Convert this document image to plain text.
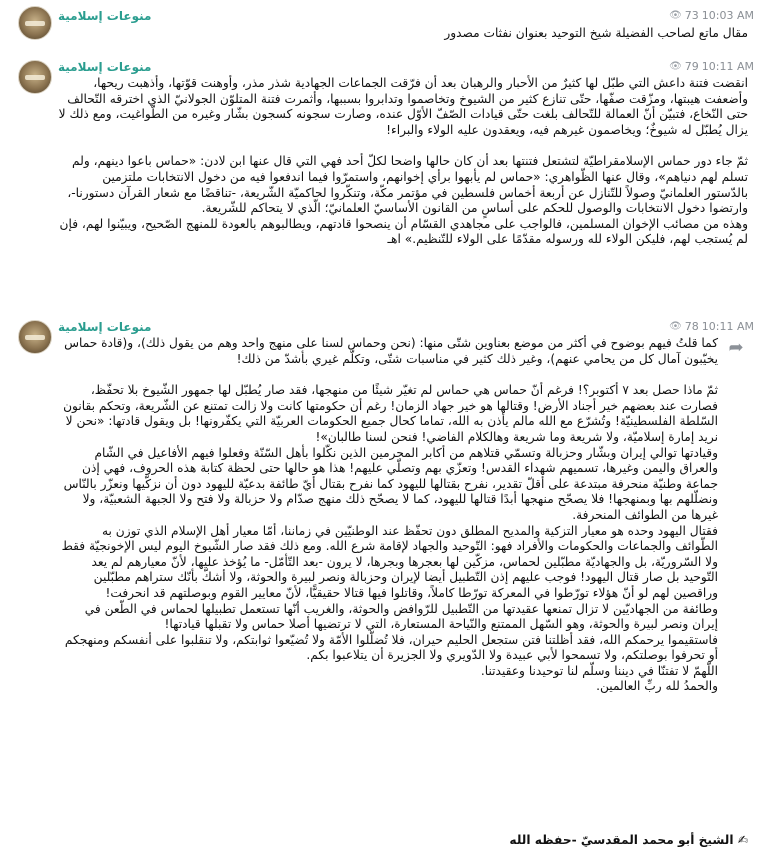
منوعات إسلامية	👁 73 10:03 AM

مقال ماتع لصاحب الفضيلة شيخ التوحيد بعنوان نفثات مصدور

منوعات إسلامية	👁 79 10:11 AM

انقضت فتنة داعش التي طبّل لها كثيرٌ من الأحبار والرهبان بعد أن فرّقت الجماعات الجهادية شذر مذر، وأوهنت قوّتها، وأذهبت ريحها، وأضعفت هيبتها، ومزّقت صفّها، حتّى تنازع كثير من الشيوخ وتخاصموا وتدابروا بسببها، وأثمرت فتنة المتلوّن الجولانيّ الذي اخترقه التّحالف حتى النّخاع، فتبيّن أنّ العمالة للتّحالف بلغت حتّى قيادات الصّفّ الأوّل عنده، وصارت سجونه كسجون بشّار وغيره من الطّواغيت، ومع ذلك لا يزال يُطبّل له شيوخٌ؛ ويخاصمون غيرهم فيه، ويعقدون عليه الولاء والبراء!

ثمّ جاء دور حماس الإسلامقراطيّة لتشتعل فتنتها بعد أن كان حالها واضحا لكلّ أحد فهي التي قال عنها ابن لادن: «حماس باعوا دينهم، ولم تسلم لهم دنياهم»، وقال عنها الظّواهري: «حماس لم يأبهوا برأي إخوانهم، واستمرّوا فيما اندفعوا فيه من دخول الانتخابات ملتزمين بالدّستور العلمانيّ وصولاً للتّنازل عن أربعة أخماس فلسطين في مؤتمر مكّة، وتنكّروا لحاكميّة الشّريعة، -تناقضًا مع شعار القرآن دستورنا-، وارتضوا دخول الانتخابات والوصول للحكم على أساسٍ من القانون الأساسيّ العلمانيّ؛ الّذي لا يتحاكم للشّريعة.

وهذه من مصائب الإخوان المسلمين، فالواجب على مجاهدي القسّام أن ينصحوا قادتهم، ويطالبوهم بالعودة للمنهج الصّحيح، ويبيّنوا لهم، فإن لم يُستجب لهم، فليكن الولاء لله ورسوله مقدّمًا على الولاء للتّنظيم.» اهـ

منوعات إسلامية	👁 78 10:11 AM
➦

كما قلتُ فيهم بوضوح في أكثر من موضع بعناوين شتّى منها: (نحن وحماس لسنا على منهج واحد وهم من يقول ذلك)، و(قادة حماس يخيّبون آمال كل من يحامي عنهم)، وغير ذلك كثير في مناسبات شتّى، وتكلّم غيري بأشدّ من ذلك!

ثمّ ماذا حصل بعد ٧ أكتوبر؟! فرغم أنّ حماس هي حماس لم تغيّر شيئًا من منهجها، فقد صار يُطبّل لها جمهور الشّيوخ بلا تحفّظ، فصارت عند بعضهم خير أجناد الأرض! وقتالها هو خير جهاد الزمان! رغم أن حكومتها كانت ولا زالت تمتنع عن الشّريعة، وتحكم بقانون السّلطة الفلسطينيّة! وتُشرّع مع الله مالم يأذن به الله، تماما كحال جميع الحكومات العربيّة التي يكفّرونها! بل ويقول قادتها: «نحن لا نريد إمارة إسلاميّة، ولا شريعة وما شريعة وهالكلام الفاضي! فنحن لسنا طالبان»!

وقيادتها توالي إيران وبشّار وحزبالة وتسمّي قتلاهم من أكابر المجرمين الذين نكّلوا بأهل السّنّة وفعلوا فيهم الأفاعيل في الشّام والعراق واليمن وغيرها، تسميهم شهداء القدس! وتعزّي بهم وتصلّي عليهم! هذا هو حالها حتى لحظة كتابة هذه الحروف، فهي إذن جماعة وطنيّة منحرفة مبتدعة على أقلّ تقدير، نفرح بقتالها لليهود كما نفرح بقتال أيّ طائفة بدعيّة لليهود دون أن نزكّيها ونعزّر بالنّاس ونضلّلهم بها وبمنهجها! فلا يصحّح منهجها أبدًا قتالها لليهود، كما لا يصحّح ذلك منهج صدّام ولا حزبالة ولا فتح ولا الجبهة الشعبيّة، ولا غيرها من الطوائف المنحرفة.

فقتال اليهود وحده هو معيار التزكية والمديح المطلق دون تحفّظ عند الوطنيّين في زماننا، أمّا معيار أهل الإسلام الذي توزن به الطّوائف والجماعات والحكومات والأفراد فهو: التّوحيد والجهاد لإقامة شرع الله. ومع ذلك فقد صار الشّيوخ اليوم ليس الإخونجيّة فقط ولا السّروريّة، بل والجهاديّة مطبّلين لحماس، مزكّين لها بعجرها وبجرها، لا يرون -بعد التّأمّل- ما يُؤخذ عليها، لأنّ معيارهم لم يعد التّوحيد بل صار قتال اليهود! فوجب عليهم إذن التّطبيل أيضا لإيران وحزبالة ونصر لبيرة والحوثة، ولا أشكّ بأنّك ستراهم مطبّلين وراقصين لهم لو أنّ هؤلاء تورّطوا في المعركة تورّطا كاملاً، وقاتلوا فيها قتالا حقيقيًّا، لأنّ معايير القوم وبوصلتهم قد انحرفت!

وطائفة من الجهاديّين لا تزال تمنعها عقيدتها من التّطبيل للرّوافض والحوثة، والغريب أنّها تستعمل تطبيلها لحماس في الطّعن في إيران ونصر لبيرة والحوثة، وهو السّهل الممتنع والنّياحة المستعارة، التي لا ترتضيها أصلا حماس ولا تقبلها قيادتها!

فاستقيموا يرحمكم الله، فقد أظلتنا فتن ستجعل الحليم حيران، فلا تُضلّلوا الأمّة ولا تُضيّعوا ثوابتكم، ولا تنقلبوا على أنفسكم ومنهجكم أو تحرفوا بوصلتكم، ولا تسمحوا لأبي عبيدة ولا الدّويري ولا الجزيرة أن يتلاعبوا بكم.

اللّهمّ لا تفتنّا في ديننا وسلّم لنا توحيدنا وعقيدتنا.

والحمدُ لله ربِّ العالمين.

✍ الشيخ أبو محمد المقدسيّ -حفظه الله
